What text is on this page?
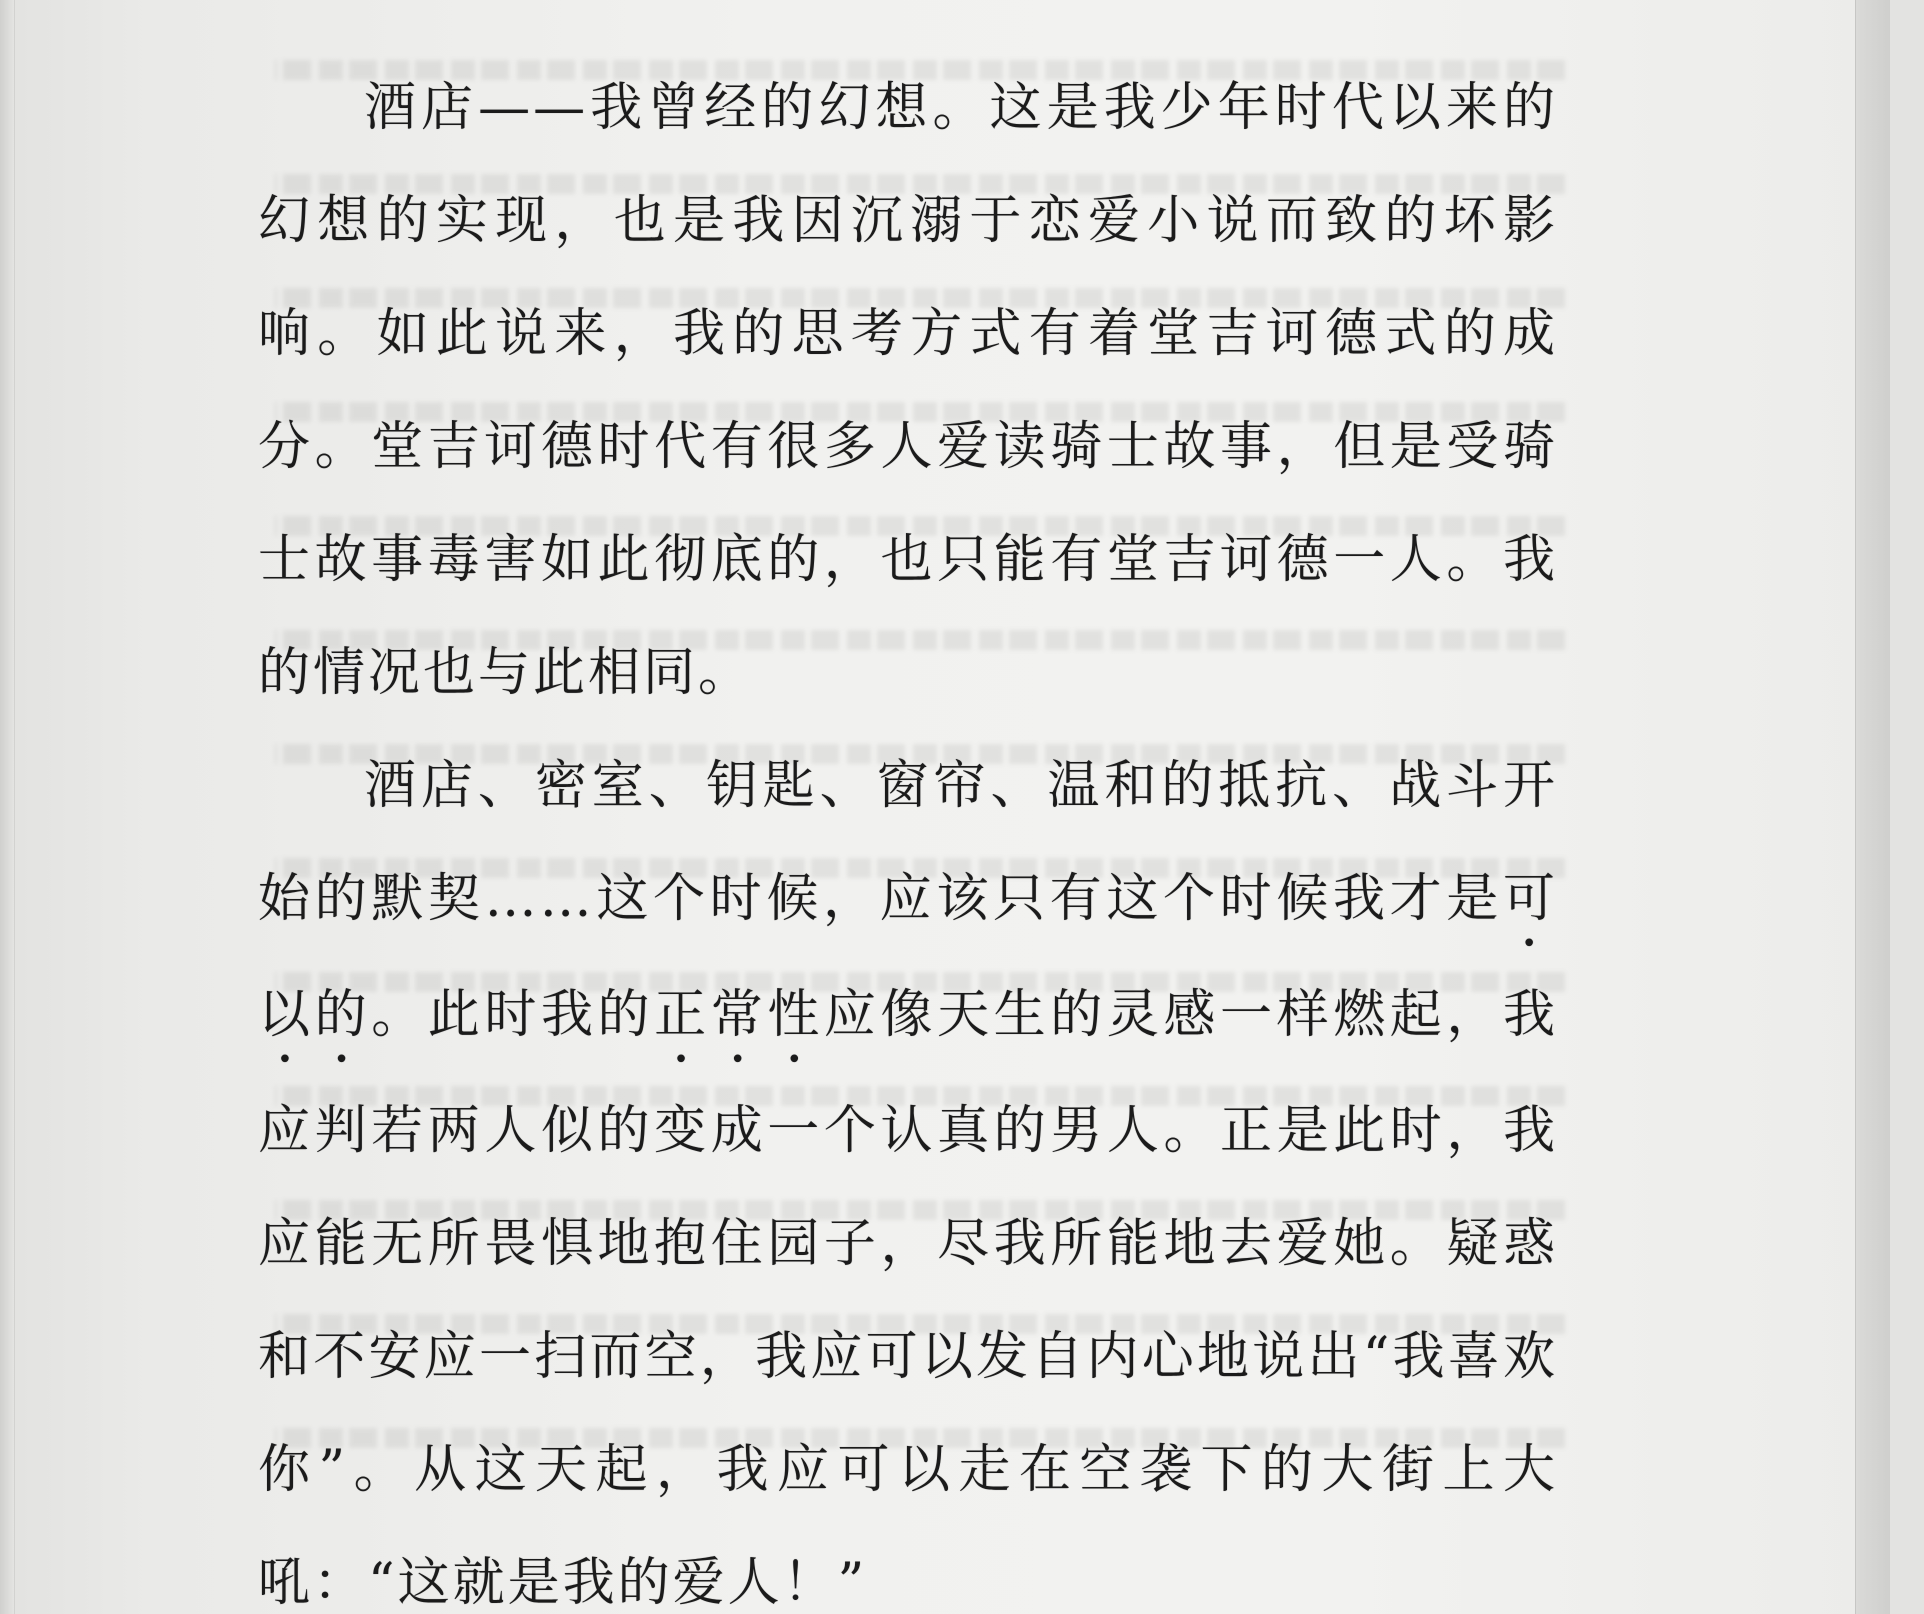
酒店——我曾经的幻想。这是我少年时代以来的幻想的实现，也是我因沉溺于恋爱小说而致的坏影响。如此说来，我的思考方式有着堂吉诃德式的成分。堂吉诃德时代有很多人爱读骑士故事，但是受骑士故事毒害如此彻底的，也只能有堂吉诃德一人。我的情况也与此相同。

酒店、密室、钥匙、窗帘、温和的抵抗、战斗开始的默契……这个时候，应该只有这个时候我才是可以的。此时我的正常性应像天生的灵感一样燃起，我应判若两人似的变成一个认真的男人。正是此时，我应能无所畏惧地抱住园子，尽我所能地去爱她。疑惑和不安应一扫而空，我应可以发自内心地说出“我喜欢你”。从这天起，我应可以走在空袭下的大街上大吼：“这就是我的爱人！”
